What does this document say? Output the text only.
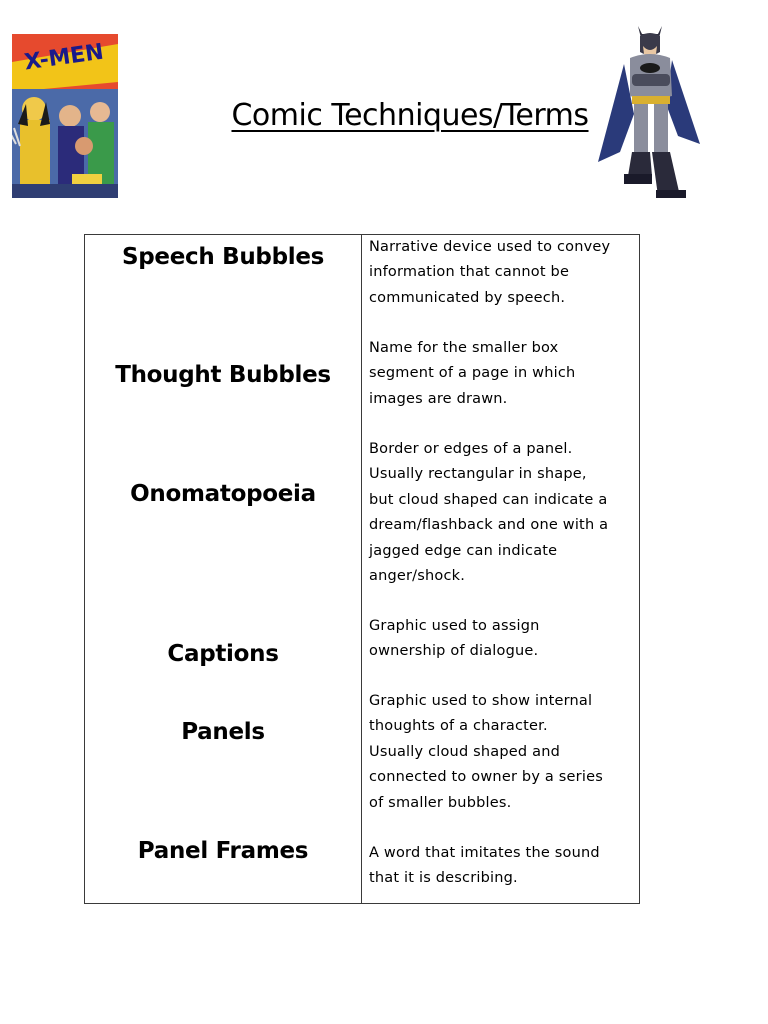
X-MEN
Comic Techniques/Terms
Speech Bubbles
Thought Bubbles
Onomatopoeia
Captions
Panels
Panel Frames
Narrative device used to convey
information that cannot be
communicated by speech.
Name for the smaller box
segment of a page in which
images are drawn.
Border or edges of a panel.
Usually rectangular in shape,
but cloud shaped can indicate a
dream/flashback and one with a
jagged edge can indicate
anger/shock.
Graphic used to assign
ownership of dialogue.
Graphic used to show internal
thoughts of a character.
Usually cloud shaped and
connected to owner by a series
of smaller bubbles.
A word that imitates the sound
that it is describing.
